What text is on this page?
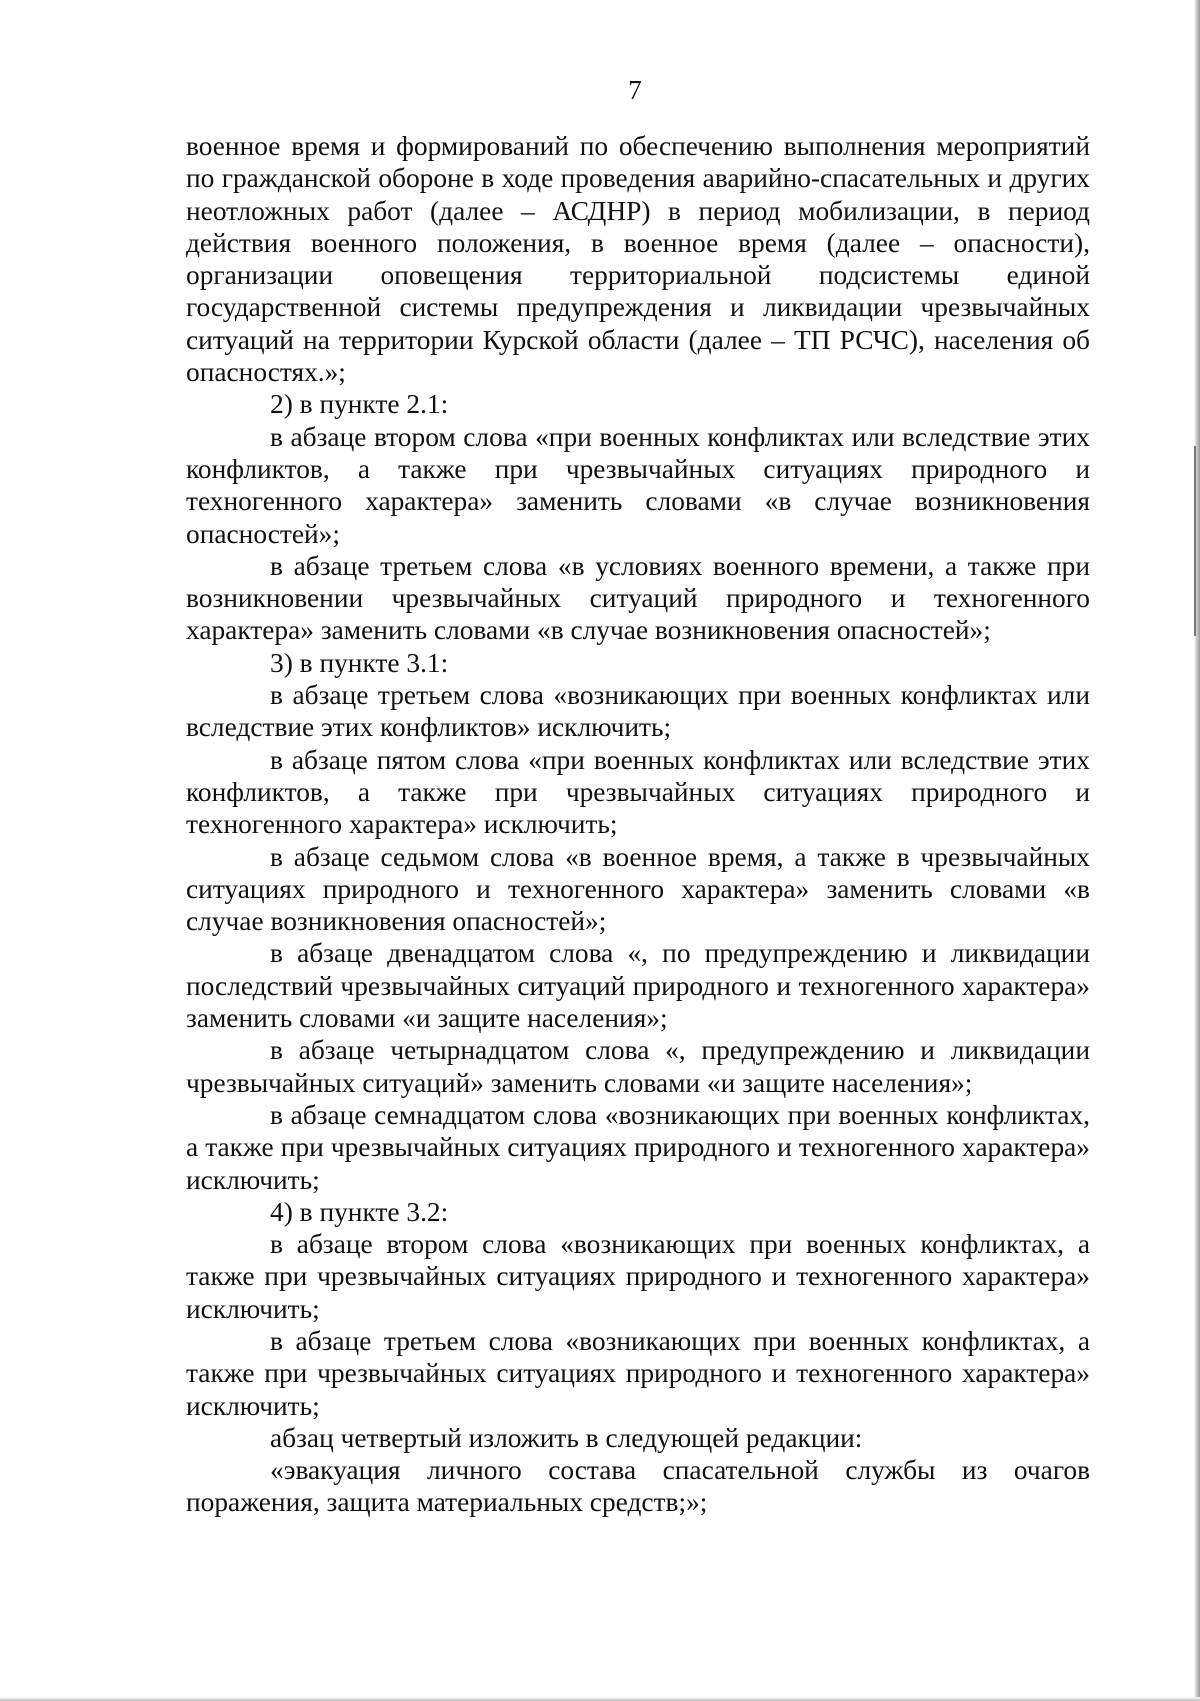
7

военное время и формирований по обеспечению выполнения мероприятий по гражданской обороне в ходе проведения аварийно-спасательных и других неотложных работ (далее – АСДНР) в период мобилизации, в период действия военного положения, в военное время (далее – опасности), организации оповещения территориальной подсистемы единой государственной системы предупреждения и ликвидации чрезвычайных ситуаций на территории Курской области (далее – ТП РСЧС), населения об опасностях.»;

2) в пункте 2.1:

в абзаце втором слова «при военных конфликтах или вследствие этих конфликтов, а также при чрезвычайных ситуациях природного и техногенного характера» заменить словами «в случае возникновения опасностей»;

в абзаце третьем слова «в условиях военного времени, а также при возникновении чрезвычайных ситуаций природного и техногенного характера» заменить словами «в случае возникновения опасностей»;

3) в пункте 3.1:

в абзаце третьем слова «возникающих при военных конфликтах или вследствие этих конфликтов» исключить;

в абзаце пятом слова «при военных конфликтах или вследствие этих конфликтов, а также при чрезвычайных ситуациях природного и техногенного характера» исключить;

в абзаце седьмом слова «в военное время, а также в чрезвычайных ситуациях природного и техногенного характера» заменить словами «в случае возникновения опасностей»;

в абзаце двенадцатом слова «, по предупреждению и ликвидации последствий чрезвычайных ситуаций природного и техногенного характера» заменить словами «и защите населения»;

в абзаце четырнадцатом слова «, предупреждению и ликвидации чрезвычайных ситуаций» заменить словами «и защите населения»;

в абзаце семнадцатом слова «возникающих при военных конфликтах, а также при чрезвычайных ситуациях природного и техногенного характера» исключить;

4) в пункте 3.2:

в абзаце втором слова «возникающих при военных конфликтах, а также при чрезвычайных ситуациях природного и техногенного характера» исключить;

в абзаце третьем слова «возникающих при военных конфликтах, а также при чрезвычайных ситуациях природного и техногенного характера» исключить;

абзац четвертый изложить в следующей редакции:

«эвакуация личного состава спасательной службы из очагов поражения, защита материальных средств;»;
